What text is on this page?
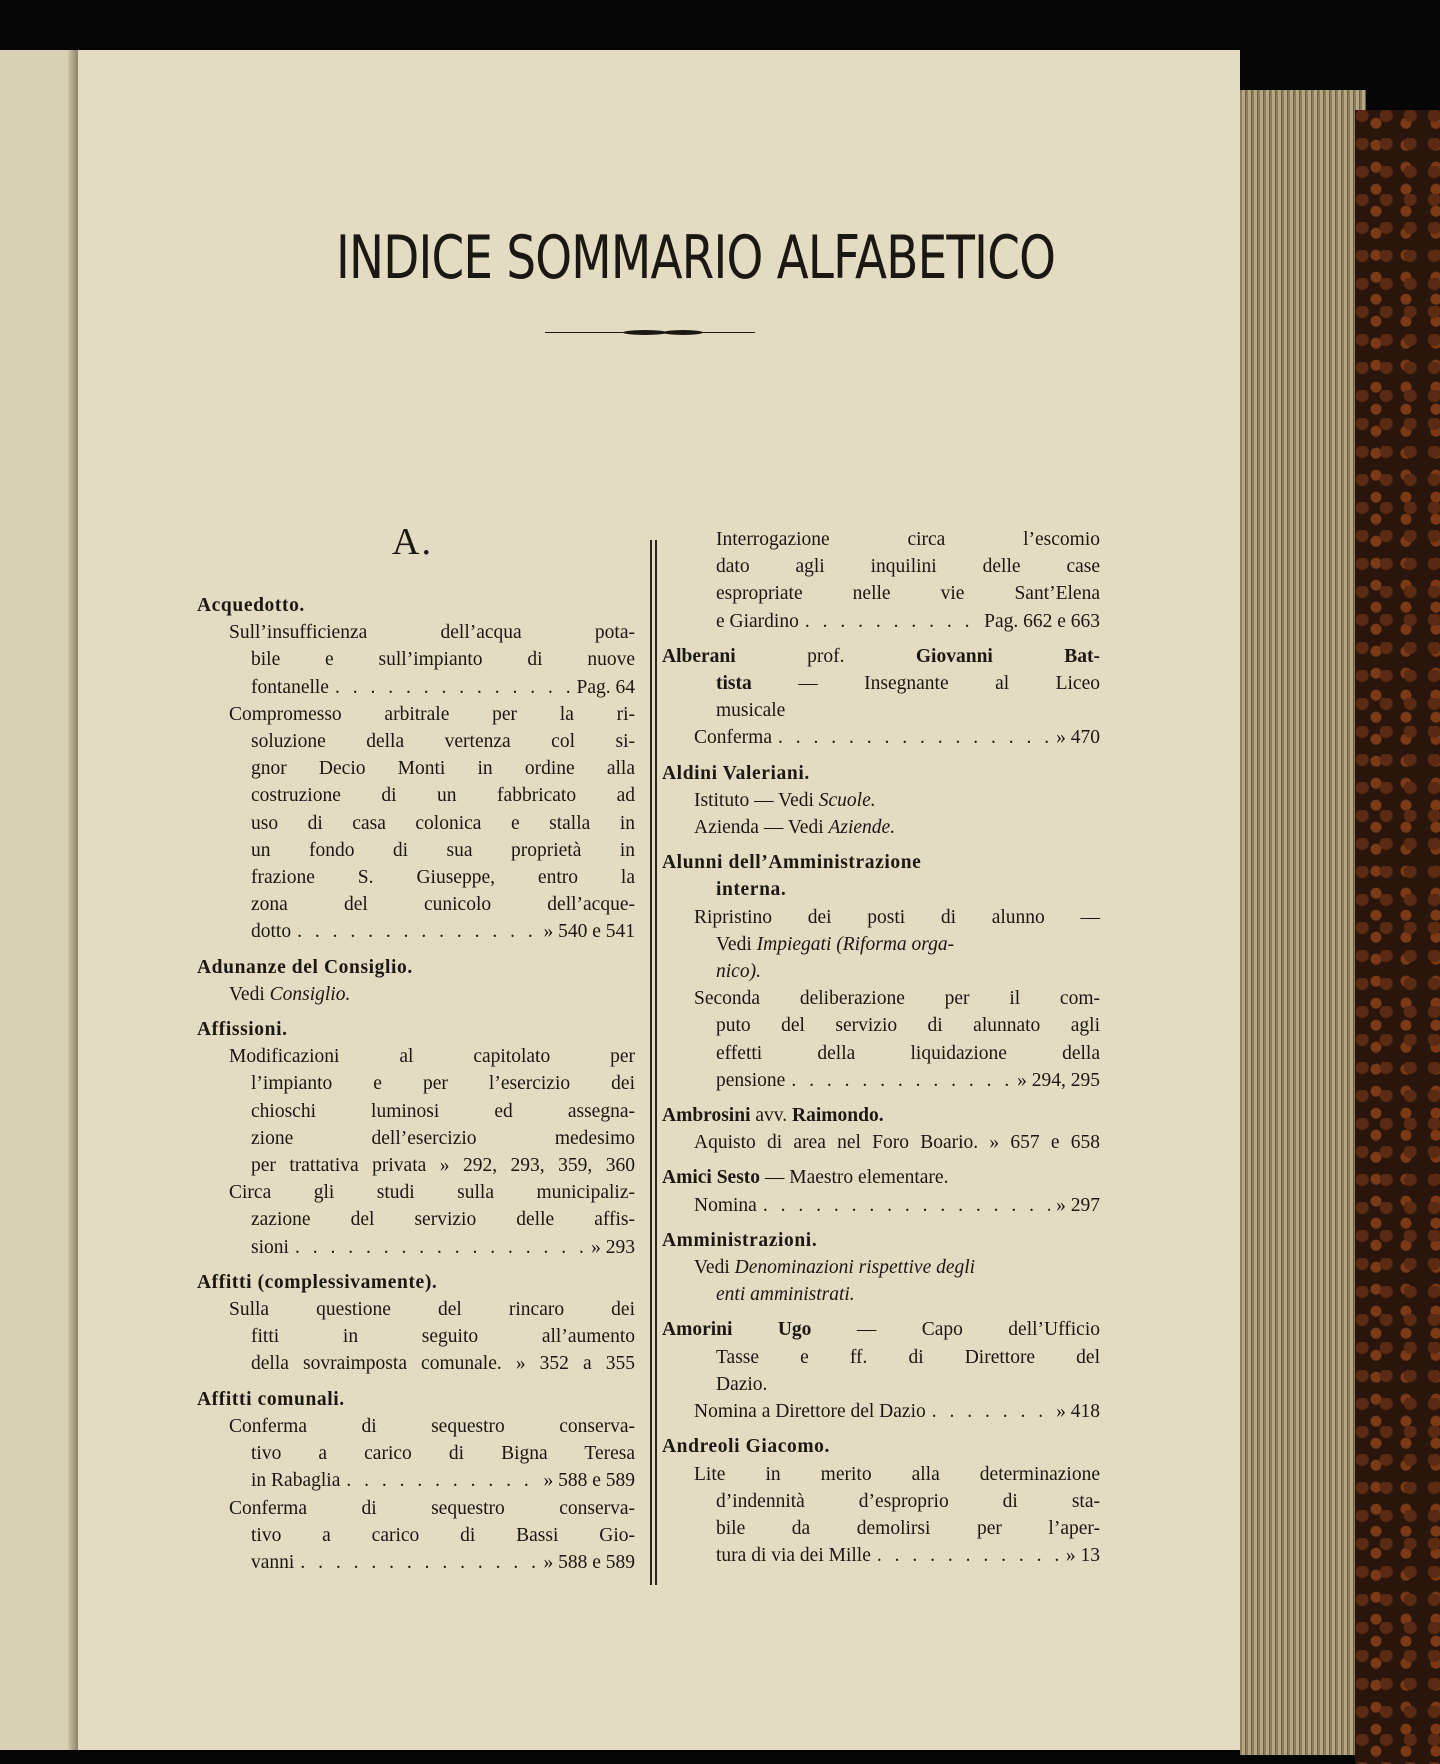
INDICE SOMMARIO ALFABETICO
A.
Acquedotto.
Sull’insufficienza dell’acqua pota-
bile e sull’impianto di nuove
fontanelle . . .	Pag. 64
Compromesso arbitrale per la ri-
soluzione della vertenza col si-
gnor Decio Monti in ordine alla
costruzione di un fabbricato ad
uso di casa colonica e stalla in
un fondo di sua proprietà in
frazione S. Giuseppe, entro la
zona del cunicolo dell’acque-
dotto . . .	» 540 e 541
Adunanze del Consiglio.
Vedi Consiglio.
Affissioni.
Modificazioni al capitolato per
l’impianto e per l’esercizio dei
chioschi luminosi ed assegna-
zione dell’esercizio medesimo
per trattativa privata » 292, 293, 359, 360
Circa gli studi sulla municipaliz-
zazione del servizio delle affis-
sioni . . .	» 293
Affitti (complessivamente).
Sulla questione del rincaro dei
fitti in seguito all’aumento
della sovraimposta comunale. » 352 a 355
Affitti comunali.
Conferma di sequestro conserva-
tivo a carico di Bigna Teresa
in Rabaglia . . .	» 588 e 589
Conferma di sequestro conserva-
tivo a carico di Bassi Gio-
vanni . . .	» 588 e 589
Interrogazione circa l’escomio
dato agli inquilini delle case
espropriate nelle vie Sant’Elena
e Giardino . . .	Pag. 662 e 663
Alberani prof. Giovanni Bat-
tista — Insegnante al Liceo
musicale
Conferma . . .	» 470
Aldini Valeriani.
Istituto — Vedi Scuole.
Azienda — Vedi Aziende.
Alunni dell’Amministrazione
interna.
Ripristino dei posti di alunno —
Vedi Impiegati (Riforma orga-
nico).
Seconda deliberazione per il com-
puto del servizio di alunnato agli
effetti della liquidazione della
pensione . . .	» 294, 295
Ambrosini avv. Raimondo.
Aquisto di area nel Foro Boario. » 657 e 658
Amici Sesto — Maestro elementare.
Nomina . . .	» 297
Amministrazioni.
Vedi Denominazioni rispettive degli
enti amministrati.
Amorini Ugo — Capo dell’Ufficio
Tasse e ff. di Direttore del
Dazio.
Nomina a Direttore del Dazio . . .	» 418
Andreoli Giacomo.
Lite in merito alla determinazione
d’indennità d’esproprio di sta-
bile da demolirsi per l’aper-
tura di via dei Mille . . .	» 13
